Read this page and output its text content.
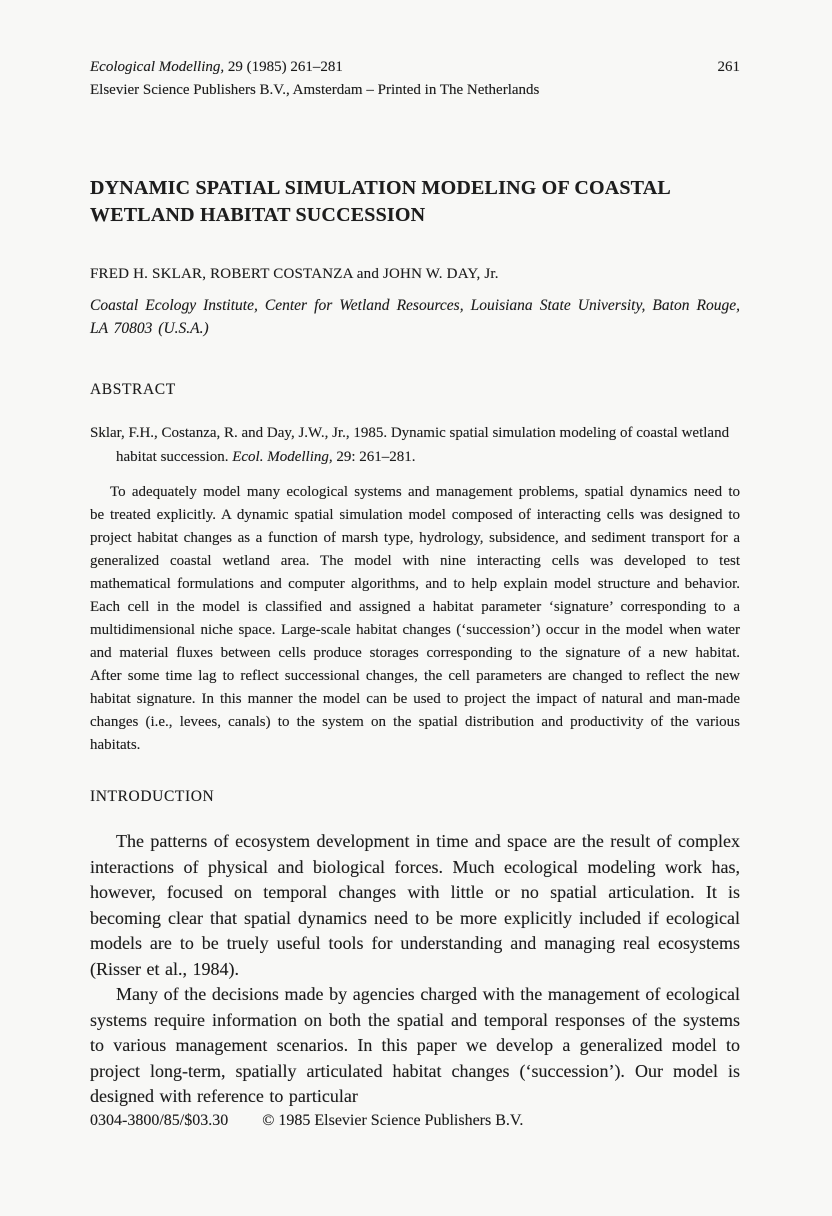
Ecological Modelling, 29 (1985) 261–281	261
Elsevier Science Publishers B.V., Amsterdam – Printed in The Netherlands
DYNAMIC SPATIAL SIMULATION MODELING OF COASTAL
WETLAND HABITAT SUCCESSION
FRED H. SKLAR, ROBERT COSTANZA and JOHN W. DAY, Jr.
Coastal Ecology Institute, Center for Wetland Resources, Louisiana State University, Baton Rouge, LA 70803 (U.S.A.)
ABSTRACT
Sklar, F.H., Costanza, R. and Day, J.W., Jr., 1985. Dynamic spatial simulation modeling of coastal wetland habitat succession. Ecol. Modelling, 29: 261–281.
To adequately model many ecological systems and management problems, spatial dynamics need to be treated explicitly. A dynamic spatial simulation model composed of interacting cells was designed to project habitat changes as a function of marsh type, hydrology, subsidence, and sediment transport for a generalized coastal wetland area. The model with nine interacting cells was developed to test mathematical formulations and computer algorithms, and to help explain model structure and behavior. Each cell in the model is classified and assigned a habitat parameter ‘signature’ corresponding to a multidimensional niche space. Large-scale habitat changes (‘succession’) occur in the model when water and material fluxes between cells produce storages corresponding to the signature of a new habitat. After some time lag to reflect successional changes, the cell parameters are changed to reflect the new habitat signature. In this manner the model can be used to project the impact of natural and man-made changes (i.e., levees, canals) to the system on the spatial distribution and productivity of the various habitats.
INTRODUCTION

The patterns of ecosystem development in time and space are the result of complex interactions of physical and biological forces. Much ecological modeling work has, however, focused on temporal changes with little or no spatial articulation. It is becoming clear that spatial dynamics need to be more explicitly included if ecological models are to be truely useful tools for understanding and managing real ecosystems (Risser et al., 1984).

Many of the decisions made by agencies charged with the management of ecological systems require information on both the spatial and temporal responses of the systems to various management scenarios. In this paper we develop a generalized model to project long-term, spatially articulated habitat changes (‘succession’). Our model is designed with reference to particular

0304-3800/85/$03.30 © 1985 Elsevier Science Publishers B.V.
